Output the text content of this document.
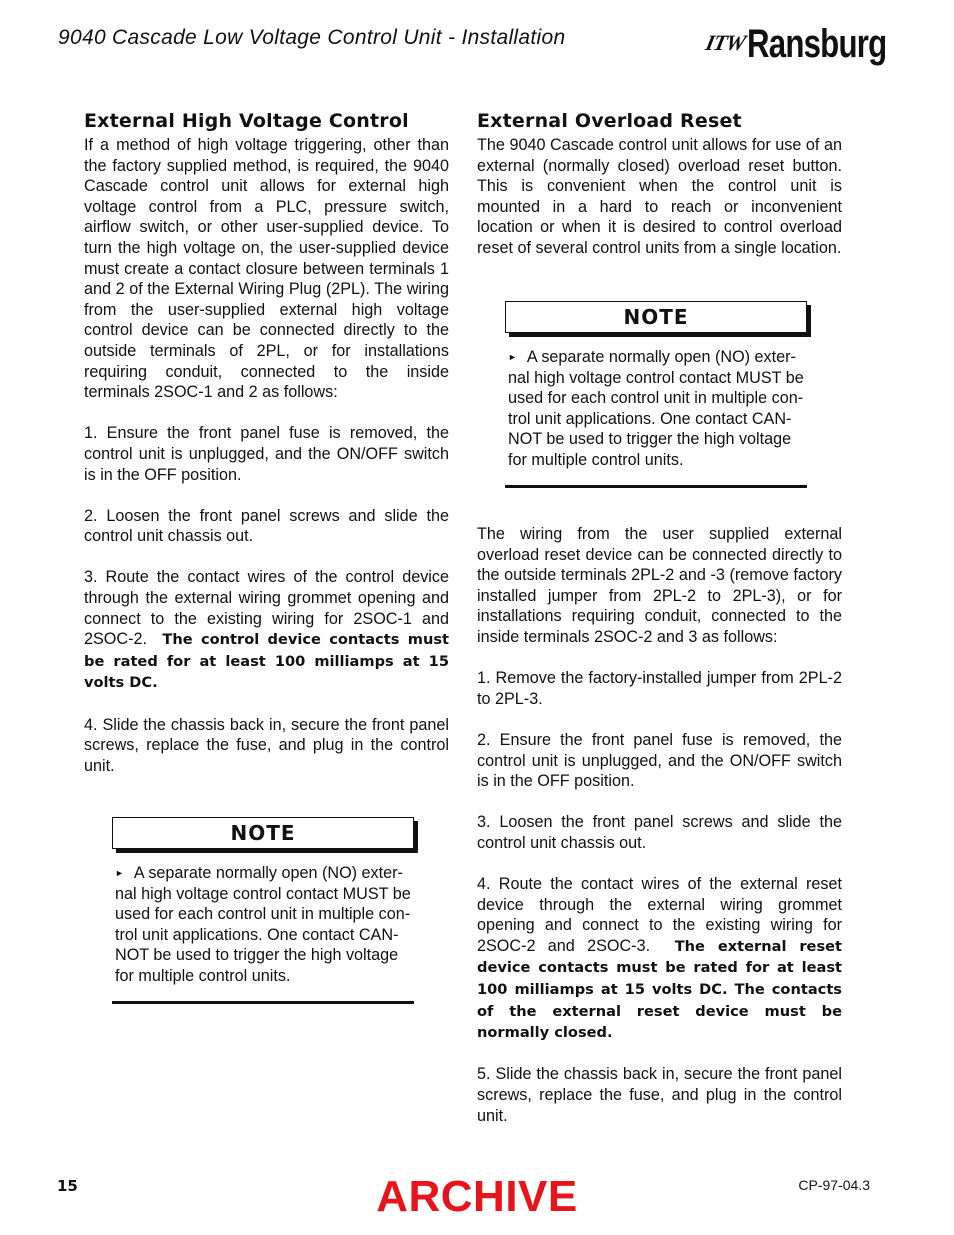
9040 Cascade Low Voltage Control Unit - Installation	ITW Ransburg
External High Voltage Control

If a method of high voltage triggering, other than the factory supplied method, is required, the 9040 Cascade control unit allows for external high voltage control from a PLC, pressure switch, airflow switch, or other user-supplied device. To turn the high voltage on, the user-supplied device must create a contact closure between terminals 1 and 2 of the External Wiring Plug (2PL). The wiring from the user-supplied external high voltage control device can be connected directly to the outside terminals of 2PL, or for installations requiring conduit, connected to the inside terminals 2SOC-1 and 2 as follows:

1. Ensure the front panel fuse is removed, the control unit is unplugged, and the ON/OFF switch is in the OFF position.

2. Loosen the front panel screws and slide the control unit chassis out.

3. Route the contact wires of the control device through the external wiring grommet opening and connect to the existing wiring for 2SOC-1 and 2SOC-2. The control device contacts must be rated for at least 100 milliamps at 15 volts DC.

4. Slide the chassis back in, secure the front panel screws, replace the fuse, and plug in the control unit.

NOTE
► A separate normally open (NO) exter-nal high voltage control contact MUST be used for each control unit in multiple con-trol unit applications. One contact CAN-NOT be used to trigger the high voltage for multiple control units.
External Overload Reset

The 9040 Cascade control unit allows for use of an external (normally closed) overload reset button. This is convenient when the control unit is mounted in a hard to reach or inconvenient location or when it is desired to control overload reset of several control units from a single location.

NOTE
► A separate normally open (NO) exter-nal high voltage control contact MUST be used for each control unit in multiple con-trol unit applications. One contact CAN-NOT be used to trigger the high voltage for multiple control units.

The wiring from the user supplied external overload reset device can be connected directly to the outside terminals 2PL-2 and -3 (remove factory installed jumper from 2PL-2 to 2PL-3), or for installations requiring conduit, connected to the inside terminals 2SOC-2 and 3 as follows:

1. Remove the factory-installed jumper from 2PL-2 to 2PL-3.

2. Ensure the front panel fuse is removed, the control unit is unplugged, and the ON/OFF switch is in the OFF position.

3. Loosen the front panel screws and slide the control unit chassis out.

4. Route the contact wires of the external reset device through the external wiring grommet opening and connect to the existing wiring for 2SOC-2 and 2SOC-3. The external reset device contacts must be rated for at least 100 milliamps at 15 volts DC. The contacts of the external reset device must be normally closed.

5. Slide the chassis back in, secure the front panel screws, replace the fuse, and plug in the control unit.

15	ARCHIVE	CP-97-04.3
